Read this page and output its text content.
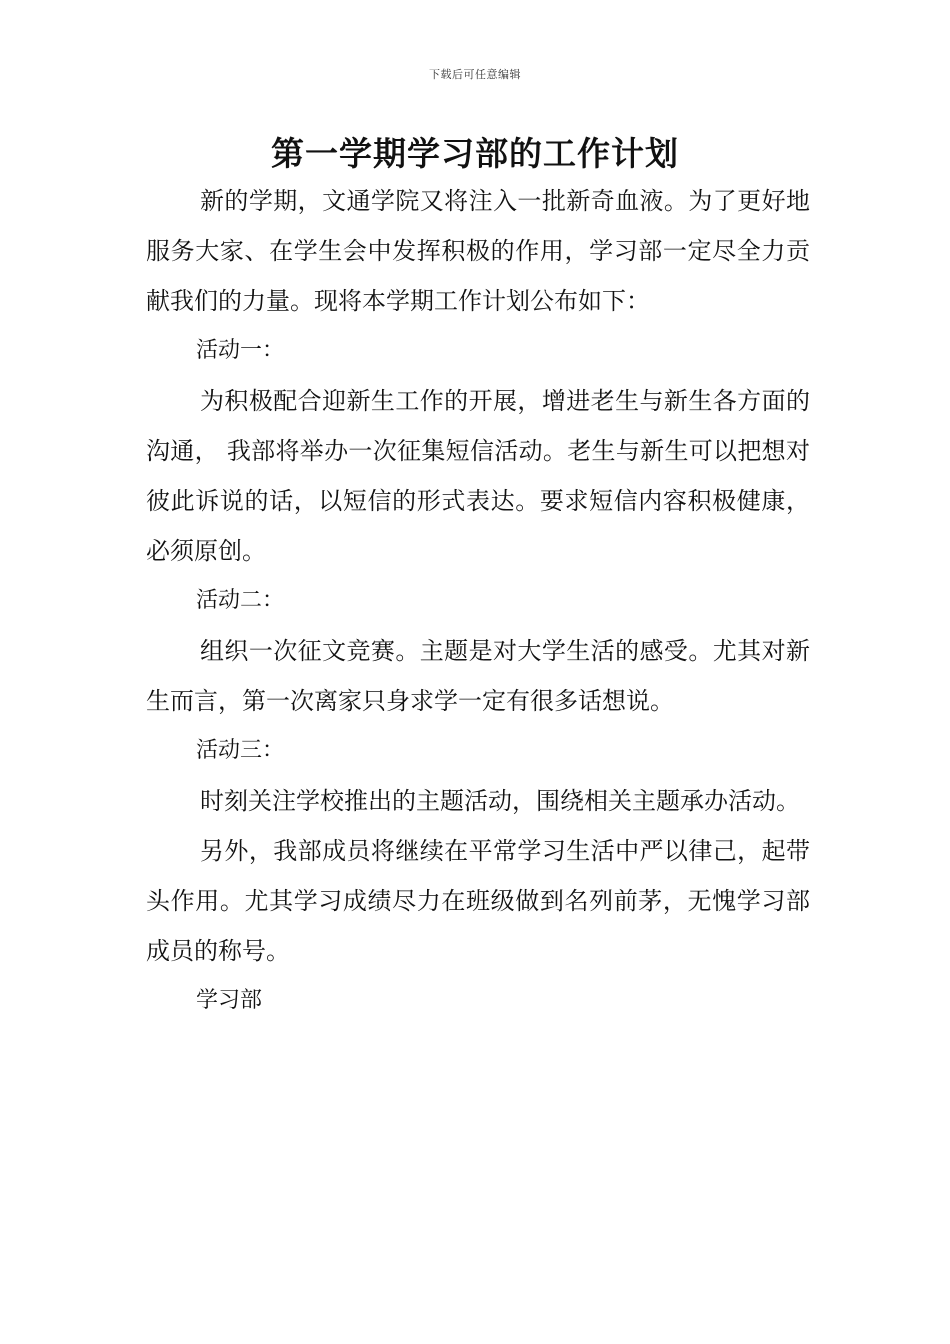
下载后可任意编辑
第一学期学习部的工作计划

新的学期，文通学院又将注入一批新奇血液。为了更好地服务大家、在学生会中发挥积极的作用，学习部一定尽全力贡献我们的力量。现将本学期工作计划公布如下：

活动一：

为积极配合迎新生工作的开展，增进老生与新生各方面的沟通， 我部将举办一次征集短信活动。老生与新生可以把想对彼此诉说的话，以短信的形式表达。要求短信内容积极健康，必须原创。

活动二：

组织一次征文竞赛。主题是对大学生活的感受。尤其对新生而言，第一次离家只身求学一定有很多话想说。

活动三：

时刻关注学校推出的主题活动，围绕相关主题承办活动。

另外，我部成员将继续在平常学习生活中严以律己，起带头作用。尤其学习成绩尽力在班级做到名列前茅，无愧学习部成员的称号。

学习部
